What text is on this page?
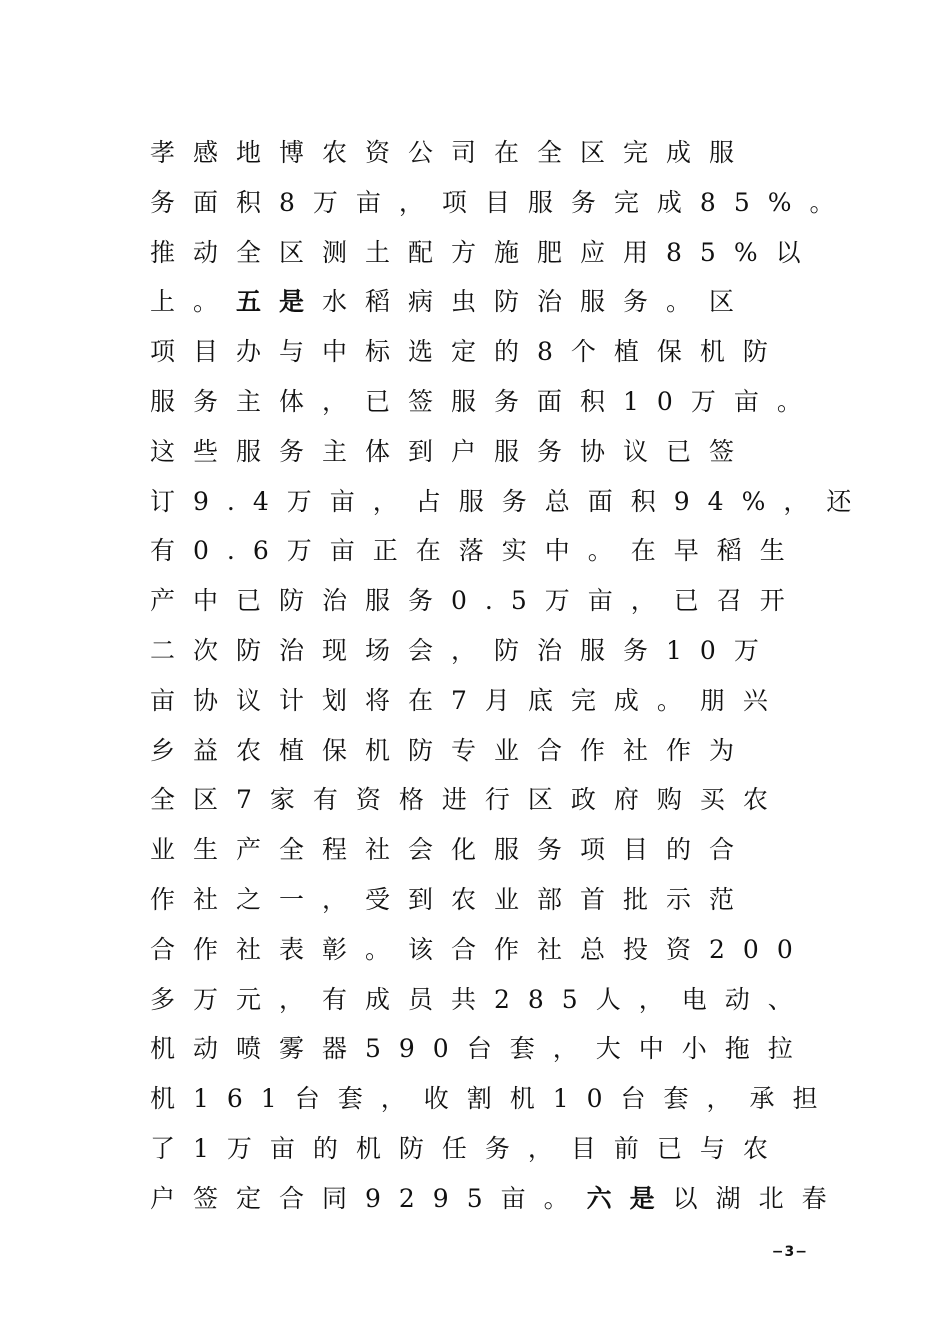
孝感地博农资公司在全区完成服
务面积8万亩，项目服务完成85%。
推动全区测土配方施肥应用85%以
上。五是水稻病虫防治服务。区
项目办与中标选定的8个植保机防
服务主体，已签服务面积10万亩。
这些服务主体到户服务协议已签
订9.4万亩，占服务总面积94%，还
有0.6万亩正在落实中。在早稻生
产中已防治服务0.5万亩，已召开
二次防治现场会，防治服务10万
亩协议计划将在7月底完成。朋兴
乡益农植保机防专业合作社作为
全区7家有资格进行区政府购买农
业生产全程社会化服务项目的合
作社之一，受到农业部首批示范
合作社表彰。该合作社总投资200
多万元，有成员共285人，电动、
机动喷雾器590台套，大中小拖拉
机161台套，收割机10台套，承担
了1万亩的机防任务，目前已与农
户签定合同9295亩。六是以湖北春
−3−
